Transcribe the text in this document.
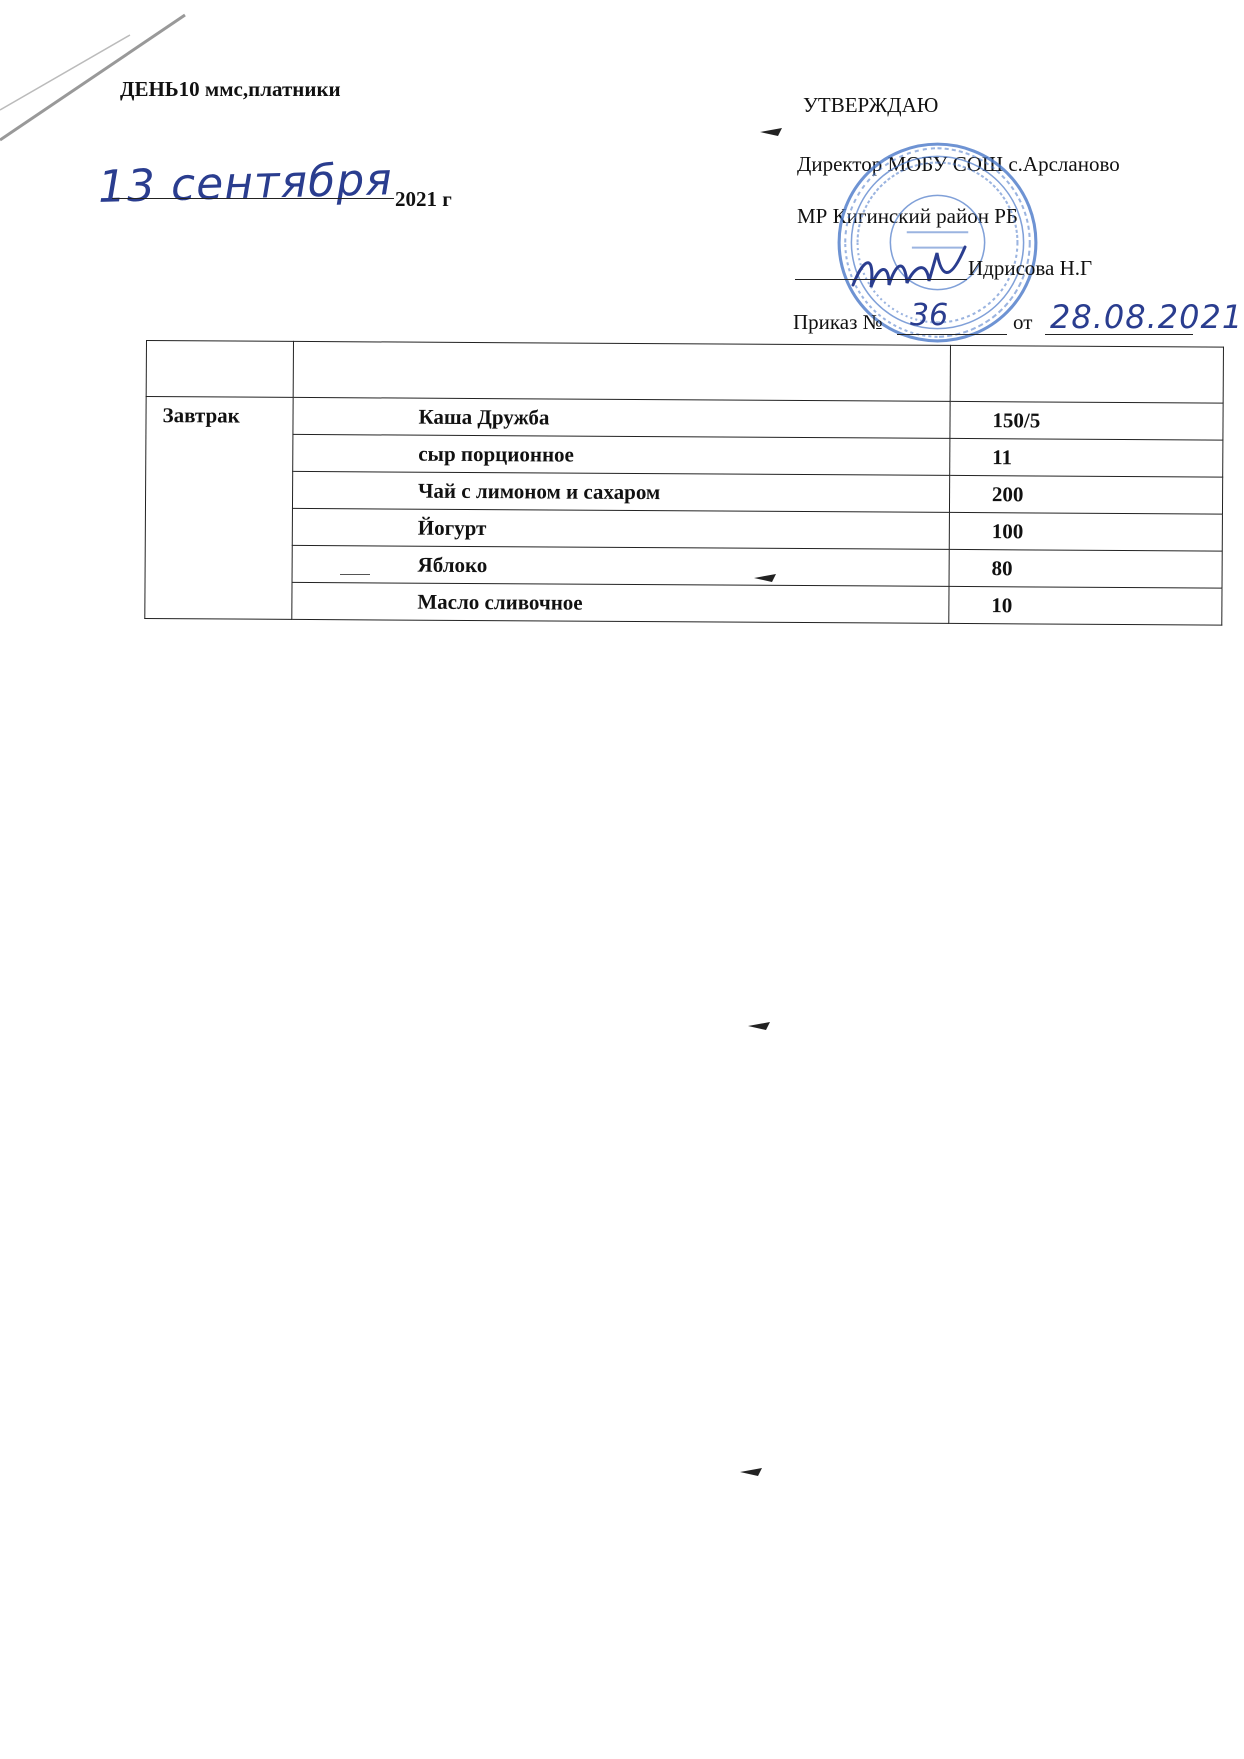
ДЕНЬ10 ммс,платники
13 сентября 2021 г
УТВЕРЖДАЮ
Директор МОБУ СОШ с.Арсланово
МР Кигинский район РБ
Идрисова Н.Г
Приказ № 36	от 28.08.2021

Завтрак	Каша Дружба	150/5
	сыр порционное	11
	Чай с лимоном и сахаром	200
	Йогурт	100
	Яблоко	80
	Масло сливочное	10
